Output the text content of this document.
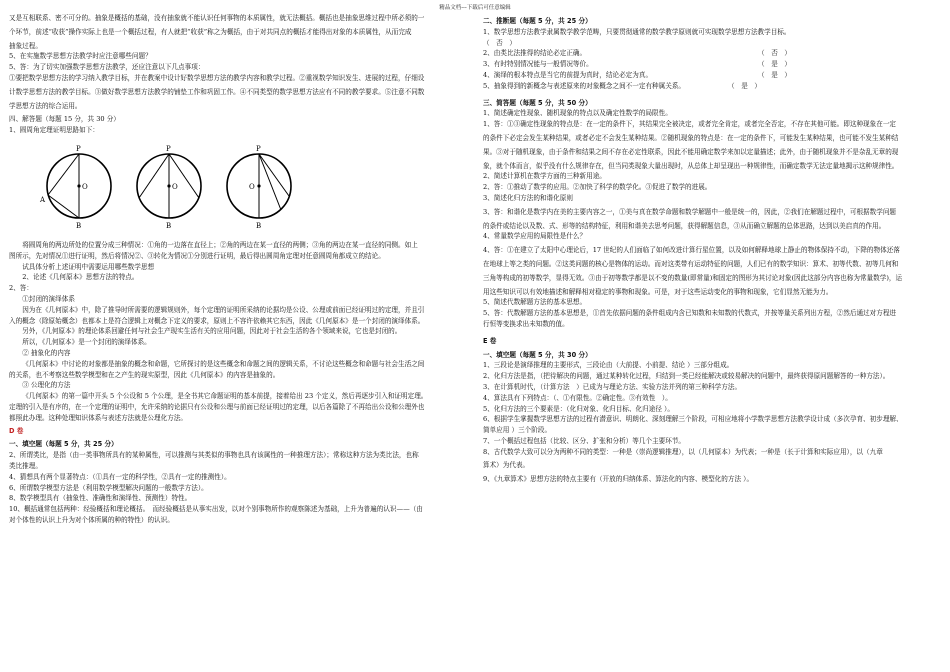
精品文档---下载后可任意编辑

又是互相联系、密不可分的。抽象是概括的基础，没有抽象就不能认识任何事物的本质属性，就无法概括。概括也是抽象思维过程中所必须的一

个环节，前述“收获”操作实际上也是一个概括过程，有人就把“收获”称之为概括，由于对共同点的概括才能得出对象的本质属性，从而完成

抽象过程。

5、在实施数学思想方法教学时应注意哪些问题？

5、答：为了切实加强数学思想方法教学，还应注意以下几点事项：

①要把数学思想方法的学习纳入教学目标，并在教案中设计好数学思想方法的教学内容和教学过程。②重视数学知识发生、进展的过程，仔细设

计数学思想方法的教学目标。③做好数学思想方法教学的铺垫工作和巩固工作。④不同类型的数学思想方法应有不同的教学要求。⑤注意不同数

学思想方法的综合运用。

四、解答题（每题 15 分，共 30 分）

1、圆周角定理证明思路如下：

P
O
A
B
P
O
B
P
O
B

将圆周角的两边所处的位置分成三种情况：①角的一边落在直径上；②角的两边在某一直径的两侧；③角的两边在某一直径的同侧。如上

图所示，先对情况①进行证明，然后将情况②、③转化为情况①分别进行证明，最后得出圆周角定理对任意圆周角都成立的结论。

试具体分析上述证明中需要运用哪些数学思想

2、论述《几何原本》思想方法的特点。

2、答：

①封闭的演绎体系

因为在《几何原本》中，除了推导时所需要的逻辑规则外，每个定理的证明所采纳的论据均是公设、公理或前面已经证明过的定理，并且引

入的概念（除原始概念）也都本上是符合逻辑上对概念下定义的要求，原则上不容许依赖其它东西，因此《几何原本》是一个封闭的演绎体系。

另外，《几何原本》的理论体系回避任何与社会生产现实生活有关的应用问题，因此对于社会生活的各个领域来说，它也是封闭的。

所以，《几何原本》是一个封闭的演绎体系。

② 抽象化的内容

《几何原本》中讨论的对象都是抽象的概念和命题，它所探讨的是这些概念和命题之间的逻辑关系，不讨论这些概念和命题与社会生活之间

的关系，也不考察这些数学模型和在之产生的现实原型，因此《几何原本》的内容是抽象的。

③ 公理化的方法

《几何原本》的第一篇中开头 5 个公设和 5 个公理，是全书其它命题证明的基本前提，接着给出 23 个定义，然后再逐步引入和证明定理。

定理的引入是有序的，在一个定理的证明中，允许采纳的论据只有公设和公理与前面已经证明过的定理，以后各篇除了不再给出公设和公理外也

都照此办理。这种处理知识体系与表述方法就是公理化方法。

D 卷

一、填空题（每题 5 分，共 25 分）

2、所谓类比，是指（由一类事物所具有的某种属性，可以推测与其类似的事物也具有该属性的一种推理方法）；常称这种方法为类比法，也称

类比推理。

4、猜想具有两个显著特点：（①具有一定的科学性，②具有一定的推测性）。

6、所谓数学模型方法是（利用数学模型解决问题的一般数学方法）。

8、数学模型具有（抽象性、准确性和演绎性、预测性）特性。

10、概括通常包括两种：经验概括和理论概括。　而经验概括是从事实出发，以对个别事物所作的观察陈述为基础，上升为普遍的认识——（由

对个体性的认识上升为对个体所属的种的特性）的认识。

二、推断题（每题 5 分，共 25 分）

1、数学思想方法教学隶属数学教学范畴，只要贯彻通常的数学教学原则就可实现数学思想方法教学目标。

（　否　）

2、由类比法推得的结论必定正确。	（　否　）
3、有时特别情况能与一般情况等价。	（　是　）
4、演绎的根本特点是当它的前提为真时，结论必定为真。	（　是　）
5、抽象得到的新概念与表述原来的对象概念之间不一定有种属关系。	（　是　）

三、简答题（每题 5 分，共 50 分）

1、简述确定性现象、随机现象的特点以及确定性数学的局限性。

1、答：①③确定性现象的特点是：在一定的条件下，其结果完全被决定，或者完全肯定，或者完全否定，不存在其他可能。即这种现象在一定

的条件下必定会发生某种结果，或者必定不会发生某种结果。②随机现象的特点是：在一定的条件下，可能发生某种结果，也可能不发生某种结

果。③对于随机现象，由于条件和结果之间不存在必定性联系，因此不能用确定数学来加以定量描述；此外，由于随机现象并不是杂乱无章的现

象，就个体而言，似乎没有什么规律存在，但当同类现象大量出现时，从总体上却呈现出一种规律性，而确定数学无法定量地揭示这种规律性。

2、简述计算机在数学方面的三种新用途。

2、答：①推动了数学的应用。②加快了科学的数学化。③促进了数学的进展。

3、简述化归方法的和谐化原则

3、答：和谐化是数学内在美的主要内容之一，①美与真在数学命题和数学解题中一般是统一的，因此，②我们在解题过程中，可根据数学问题

的条件或结论以及数、式、形等的结构特征，利用和谐美去思考问题，获得解题信息，③从而确立解题的总体思路，达到以美启真的作用。

4、常量数学应用的局限性是什么？

4、答：①在建立了太阳中心理论后，17 世纪的人们面临了如何改进计算行星位置，以及如何解释地球上静止的物体保持不动，下降的物体还落

在地球上等之类的问题。②这类问题的核心是物体的运动。而对这类带有运动特征的问题，人们已有的数学知识：算术、初等代数、初等几何和

三角等构成的初等数学，显得无效。③由于初等数学都是以不变的数量(即常量)和固定的图形为其讨论对象(因此这部分内容也称为常量数学)，运

用这些知识可以有效地描述和解释相对稳定的事物和现象。可是，对于这些运动变化的事物和现象，它们显然无能为力。

5、简述代数解题方法的基本思想。

5、答：代数解题方法的基本思想是，①首先依据问题的条件组成内含已知数和未知数的代数式，并按等量关系列出方程，②然后通过对方程进

行恒等变换求出未知数的值。

E 卷

一、填空题（每题 5 分，共 30 分）

1、三段论是演绎推理的主要形式，三段论由（大前提、小前提、结论 ）三部分组成。

2、化归方法是指，（把待解决的问题，通过某种转化过程，归结到一类已经能解决或较易解决的问题中，最终获得原问题解答的一种方法）。

3、在计算机时代，（计算方法　）已成为与理论方法、实验方法并列的第三种科学方法。

4、算法具有下列特点：（、①有限性。②确定性。③有效性　）。

5、化归方法的三个要素是：（化归对象、化归目标、化归途径 ）。

6、根据学生掌握数学思想方法的过程有潜意识、明朗化、深刻理解三个阶段，可相应地将小学数学思想方法教学设计成（多次孕育、初步理解、

简单应用 ）三个阶段。

7、一个概括过程包括（比较、区分、扩张和分析）等几个主要环节。

8、古代数学大致可以分为两种不同的类型：一种是（崇尚逻辑推理），以（几何原本）为代表；一种是（长于计算和实际应用），以（九章

算术）为代表。

9、《九章算术》思想方法的特点主要有（开放的归纳体系、算法化的内容、模型化的方法 ）。
